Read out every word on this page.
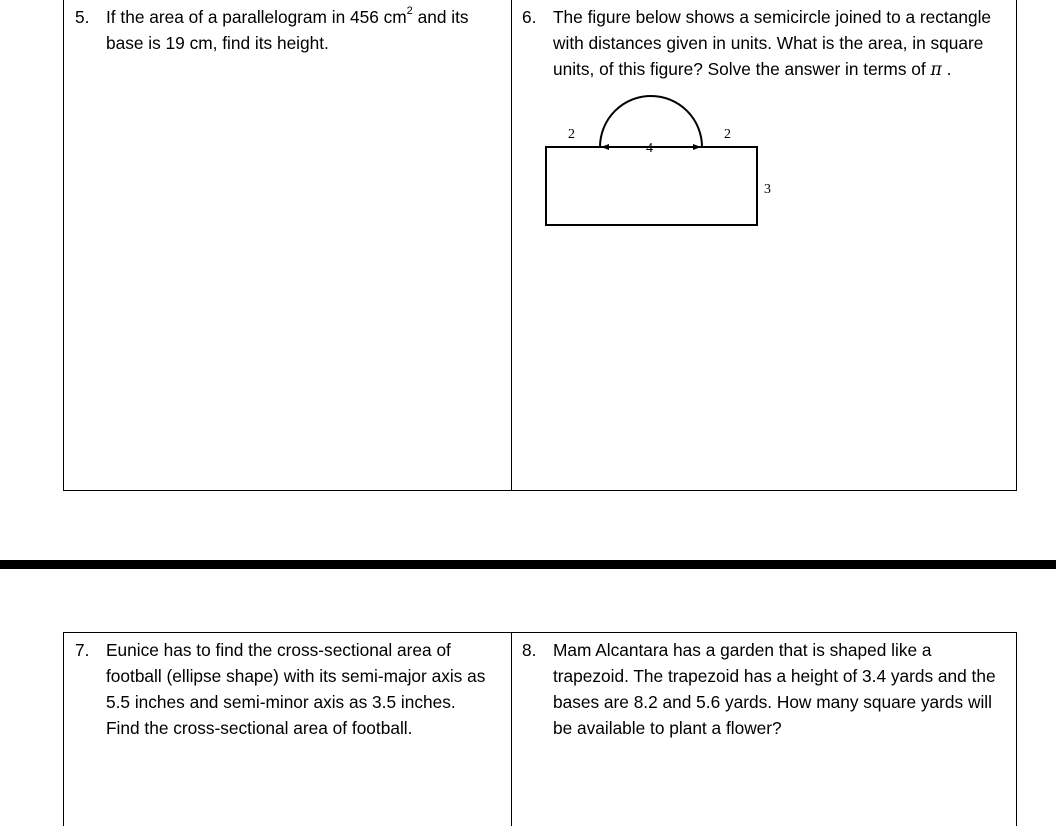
5. If the area of a parallelogram in 456 $cm^2$ and its base is 19 cm, find its height.

6. The figure below shows a semicircle joined to a rectangle with distances given in units. What is the area, in square units, of this figure? Solve the answer in terms of π .
2
4
2
3
7. Eunice has to find the cross-sectional area of football (ellipse shape) with its semi-major axis as 5.5 inches and semi-minor axis as 3.5 inches. Find the cross-sectional area of football.

8. Mam Alcantara has a garden that is shaped like a trapezoid. The trapezoid has a height of 3.4 yards and the bases are 8.2 and 5.6 yards. How many square yards will be available to plant a flower?
